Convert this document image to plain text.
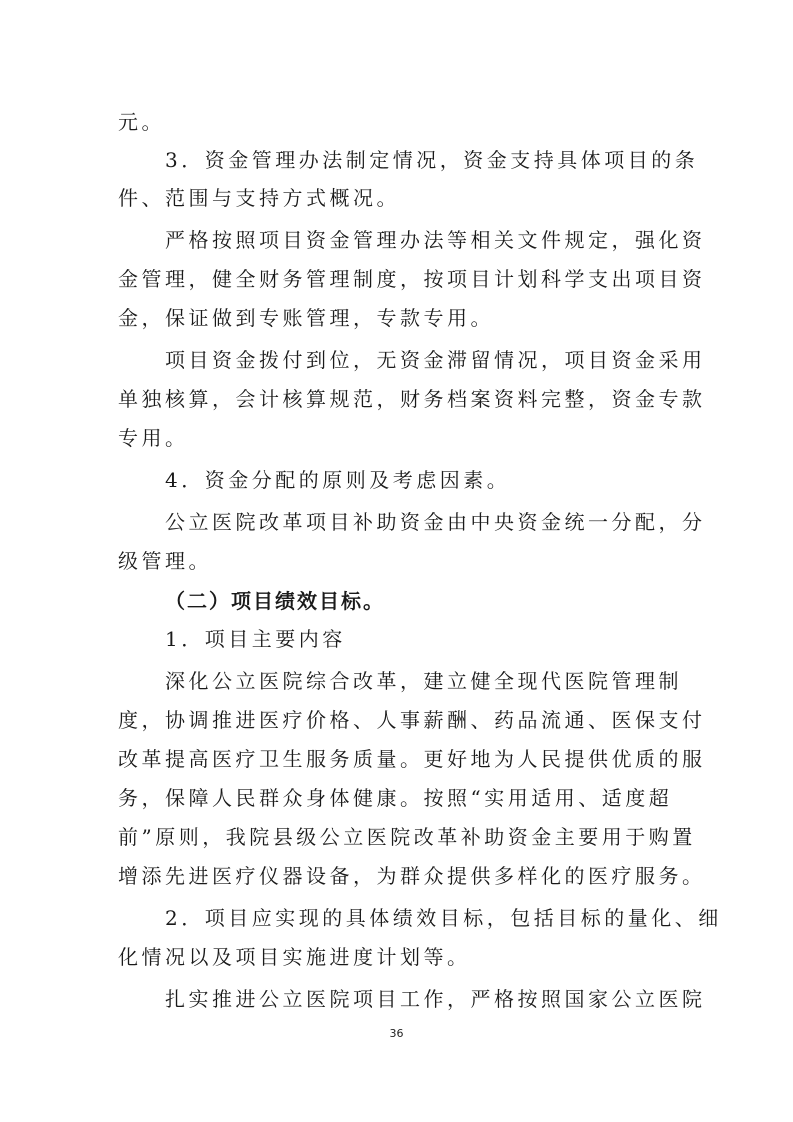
元。
3．资金管理办法制定情况，资金支持具体项目的条
件、范围与支持方式概况。
严格按照项目资金管理办法等相关文件规定，强化资
金管理，健全财务管理制度，按项目计划科学支出项目资
金，保证做到专账管理，专款专用。
项目资金拨付到位，无资金滞留情况，项目资金采用
单独核算，会计核算规范，财务档案资料完整，资金专款
专用。
4．资金分配的原则及考虑因素。
公立医院改革项目补助资金由中央资金统一分配，分
级管理。
（二）项目绩效目标。
1．项目主要内容
深化公立医院综合改革，建立健全现代医院管理制
度，协调推进医疗价格、人事薪酬、药品流通、医保支付
改革提高医疗卫生服务质量。更好地为人民提供优质的服
务，保障人民群众身体健康。按照“实用适用、适度超
前”原则，我院县级公立医院改革补助资金主要用于购置
增添先进医疗仪器设备，为群众提供多样化的医疗服务。
2．项目应实现的具体绩效目标，包括目标的量化、细
化情况以及项目实施进度计划等。
扎实推进公立医院项目工作，严格按照国家公立医院
36
